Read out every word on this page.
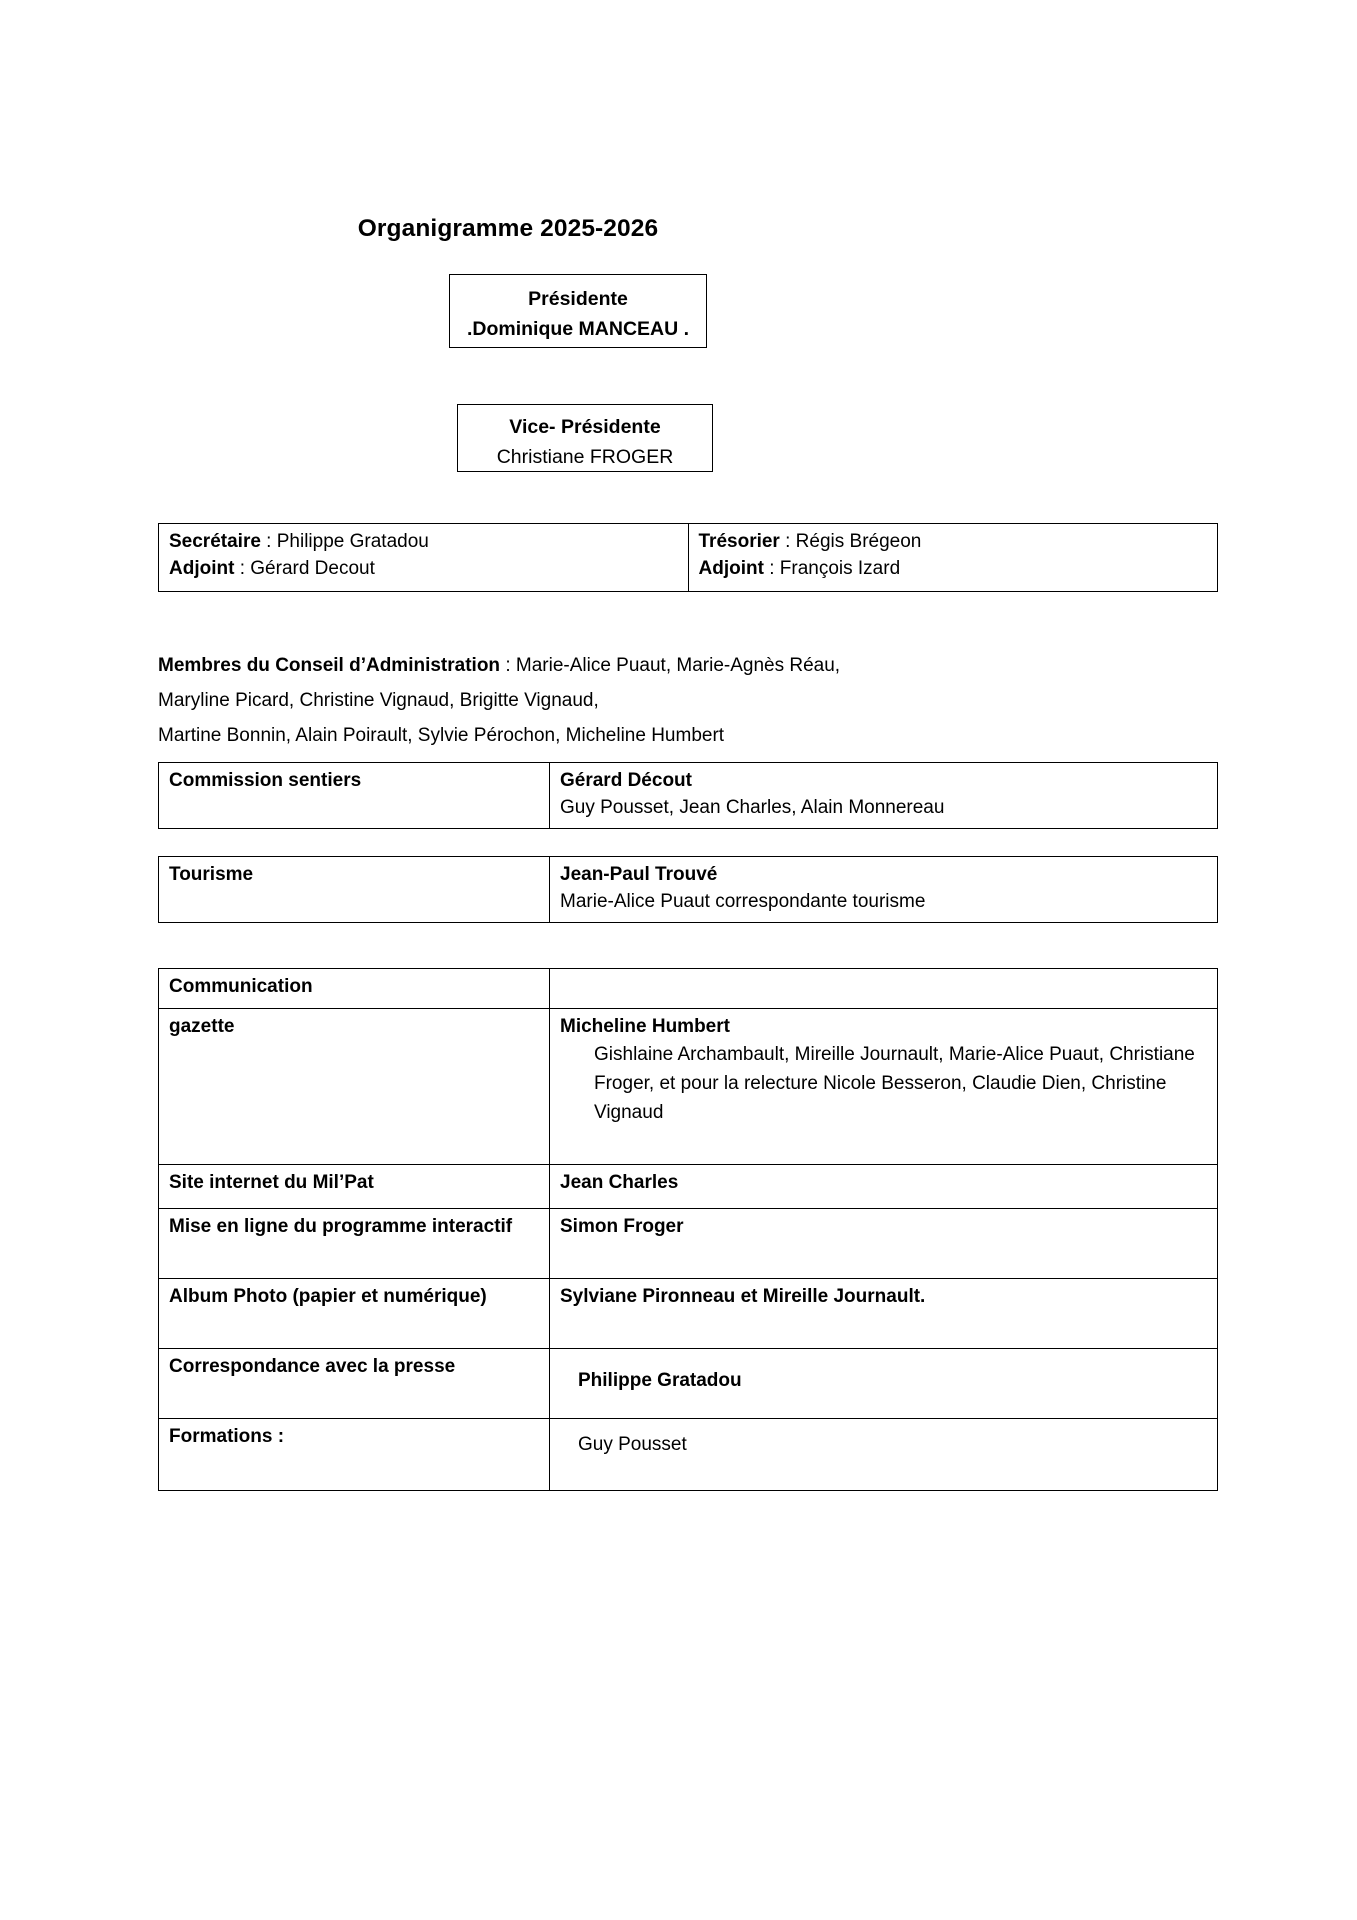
Organigramme 2025-2026
Présidente
.Dominique MANCEAU .
Vice- Présidente
Christiane FROGER
Secrétaire : Philippe Gratadou
Adjoint : Gérard Decout

Trésorier : Régis Brégeon
Adjoint : François Izard
Membres du Conseil d’Administration : Marie-Alice Puaut, Marie-Agnès Réau,
Maryline Picard, Christine Vignaud, Brigitte Vignaud,
Martine Bonnin, Alain Poirault, Sylvie Pérochon, Micheline Humbert
Commission sentiers	Gérard Décout
Guy Pousset, Jean Charles, Alain Monnereau
Tourisme	Jean-Paul Trouvé
Marie-Alice Puaut correspondante tourisme
Communication	
gazette	Micheline Humbert
Gishlaine Archambault, Mireille Journault, Marie-Alice Puaut, Christiane Froger, et pour la relecture Nicole Besseron, Claudie Dien, Christine Vignaud

Site internet du Mil’Pat	Jean Charles
Mise en ligne du programme interactif	Simon Froger
Album Photo (papier et numérique)	Sylviane Pironneau et Mireille Journault.
Correspondance avec la presse	Philippe Gratadou
Formations :	Guy Pousset
